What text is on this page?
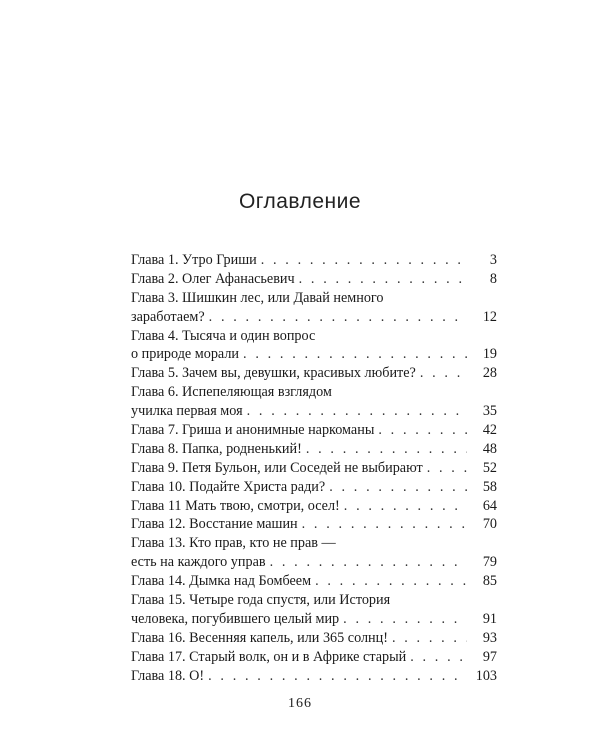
Оглавление
Глава 1. Утро Гриши . . .	3
Глава 2. Олег Афанасьевич . . .	8
Глава 3. Шишкин лес, или Давай немного
заработаем? . . .	12
Глава 4. Тысяча и один вопрос
о природе морали . . .	19
Глава 5. Зачем вы, девушки, красивых любите? . . .	28
Глава 6. Испепеляющая взглядом
училка первая моя . . .	35
Глава 7. Гриша и анонимные наркоманы . . .	42
Глава 8. Папка, родненький! . . .	48
Глава 9. Петя Бульон, или Соседей не выбирают . . .	52
Глава 10. Подайте Христа ради? . . .	58
Глава 11 Мать твою, смотри, осел! . . .	64
Глава 12. Восстание машин . . .	70
Глава 13. Кто прав, кто не прав —
есть на каждого управ . . .	79
Глава 14. Дымка над Бомбеем . . .	85
Глава 15. Четыре года спустя, или История
человека, погубившего целый мир . . .	91
Глава 16. Весенняя капель, или 365 солнц! . . .	93
Глава 17. Старый волк, он и в Африке старый . . .	97
Глава 18. О! . . .	103
166
